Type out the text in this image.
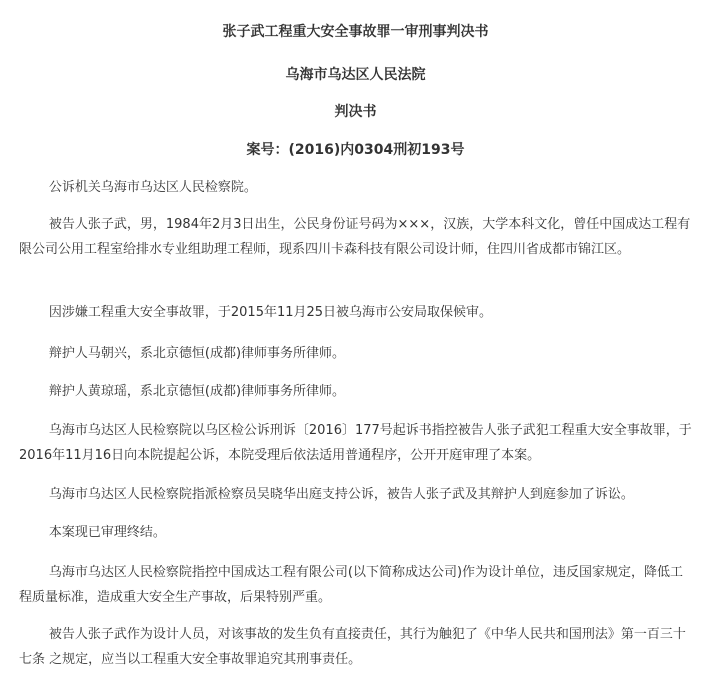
张子武工程重大安全事故罪一审刑事判决书
乌海市乌达区人民法院
判决书
案号：(2016)内0304刑初193号

公诉机关乌海市乌达区人民检察院。

被告人张子武，男，1984年2月3日出生，公民身份证号码为×××，汉族，大学本科文化，曾任中国成达工程有限公司公用工程室给排水专业组助理工程师，现系四川卡森科技有限公司设计师，住四川省成都市锦江区。

因涉嫌工程重大安全事故罪，于2015年11月25日被乌海市公安局取保候审。

辩护人马朝兴，系北京德恒(成都)律师事务所律师。

辩护人黄琼瑶，系北京德恒(成都)律师事务所律师。

乌海市乌达区人民检察院以乌区检公诉刑诉〔2016〕177号起诉书指控被告人张子武犯工程重大安全事故罪，于2016年11月16日向本院提起公诉，本院受理后依法适用普通程序，公开开庭审理了本案。

乌海市乌达区人民检察院指派检察员吴晓华出庭支持公诉，被告人张子武及其辩护人到庭参加了诉讼。

本案现已审理终结。

乌海市乌达区人民检察院指控中国成达工程有限公司(以下简称成达公司)作为设计单位，违反国家规定，降低工程质量标准，造成重大安全生产事故，后果特别严重。

被告人张子武作为设计人员，对该事故的发生负有直接责任，其行为触犯了《中华人民共和国刑法》第一百三十七条 之规定，应当以工程重大安全事故罪追究其刑事责任。
